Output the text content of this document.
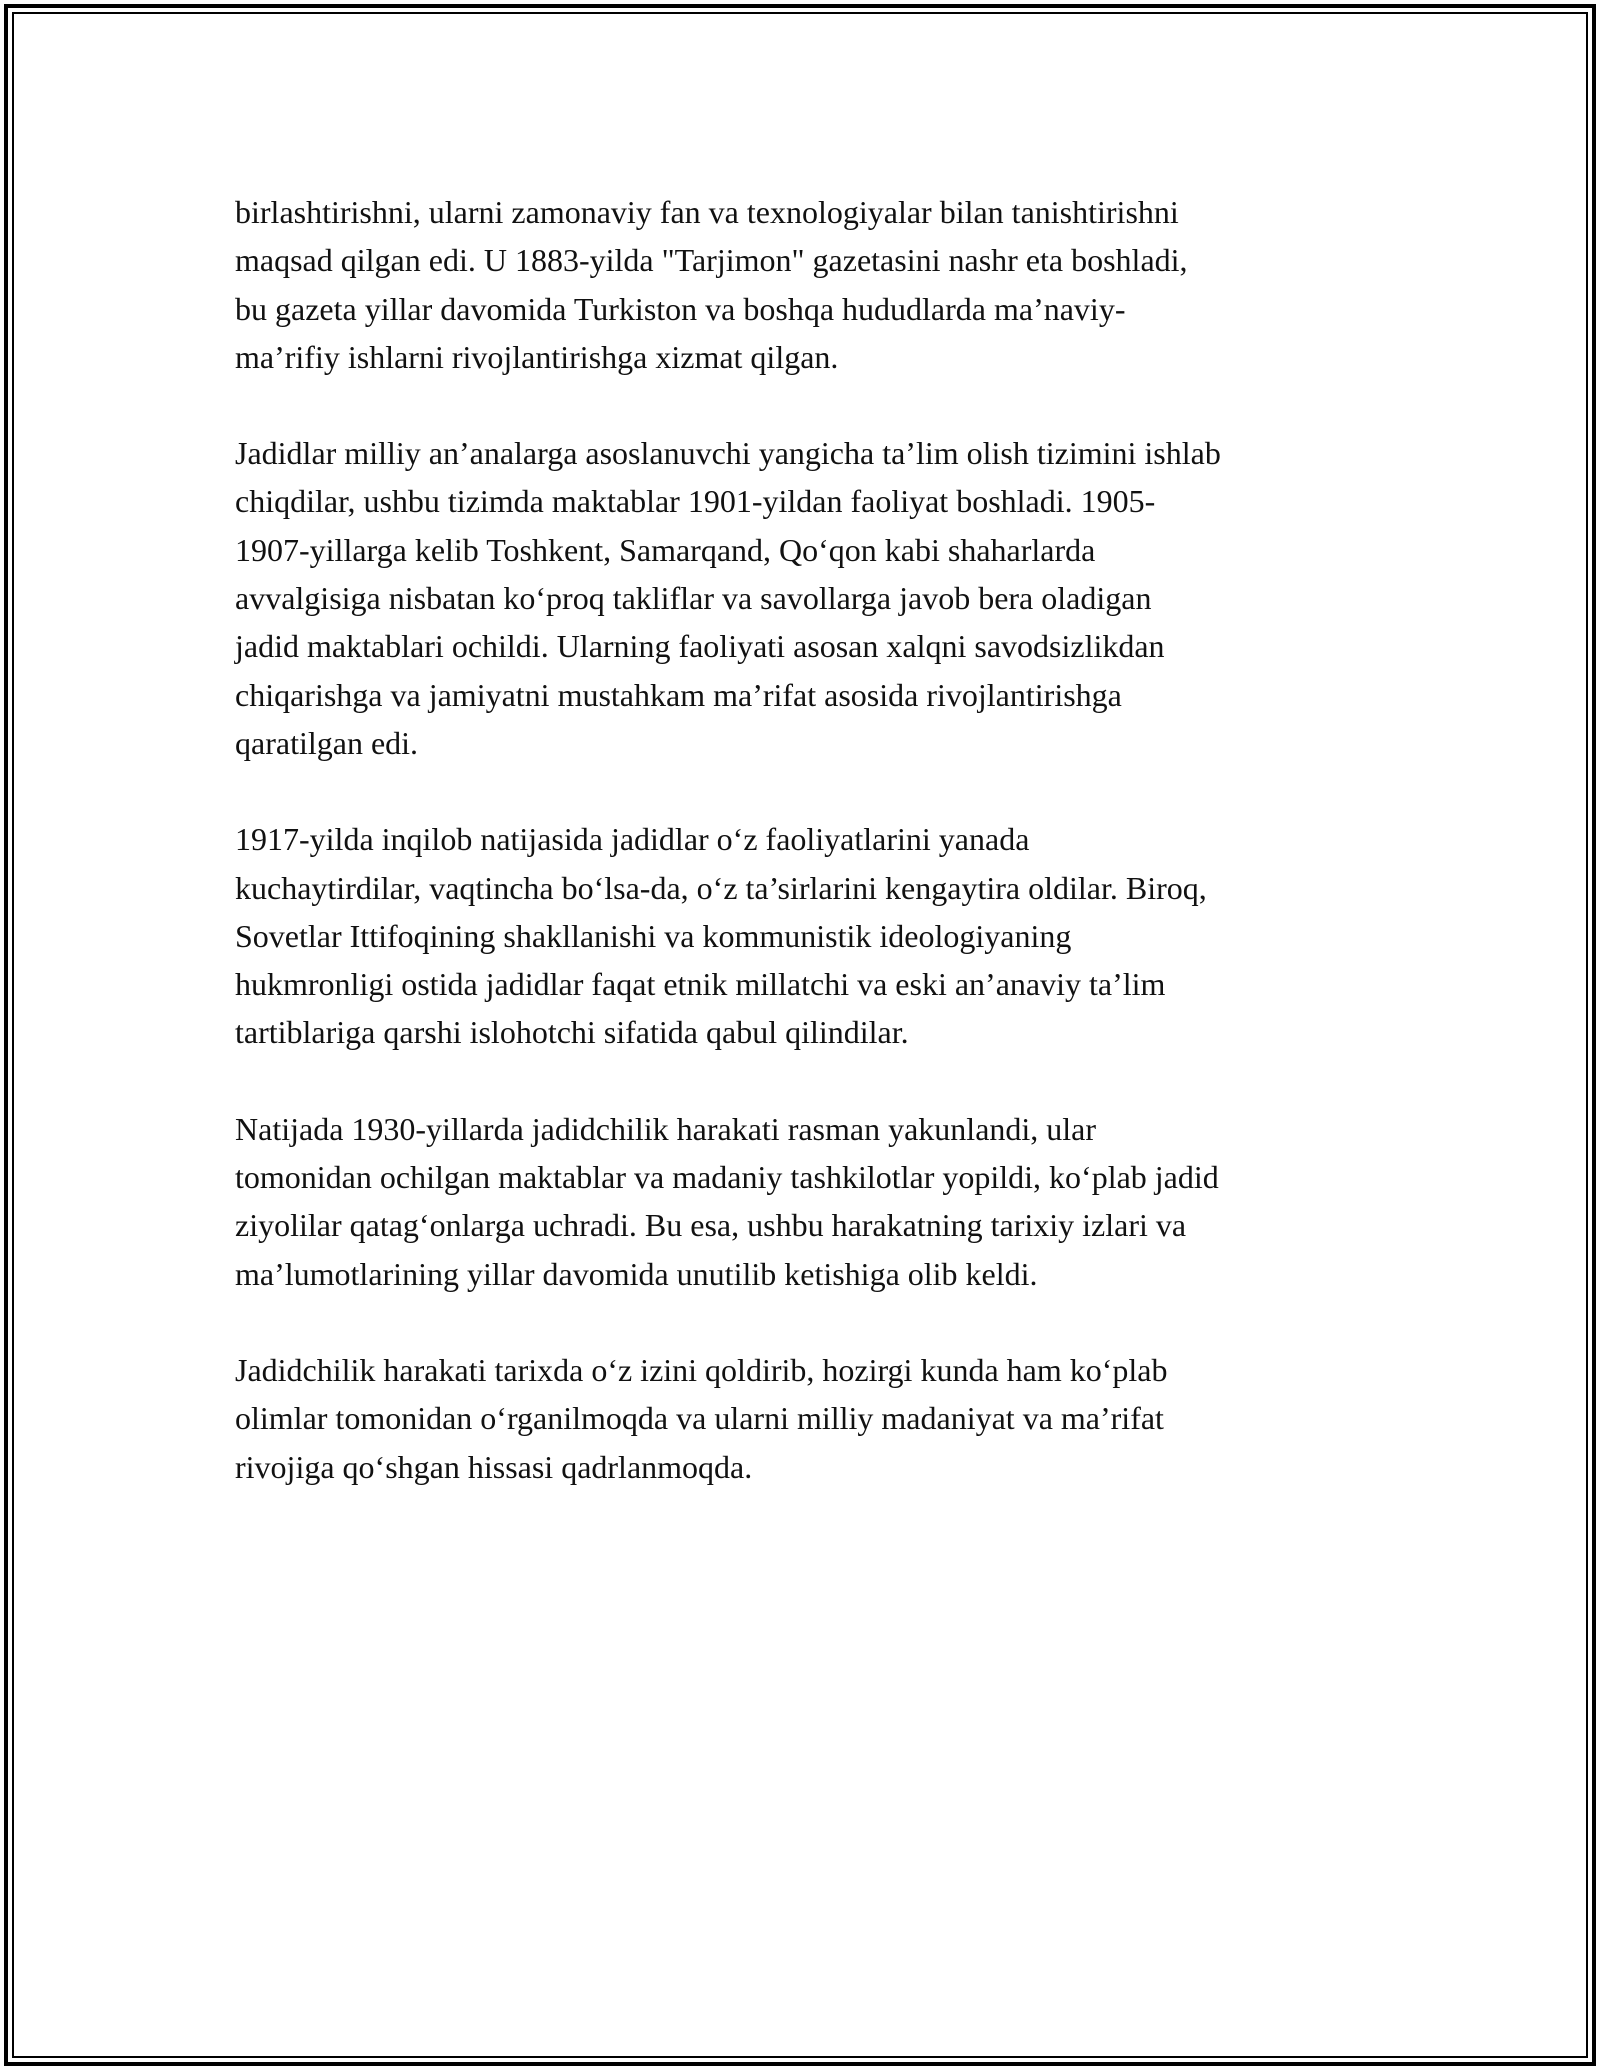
birlashtirishni, ularni zamonaviy fan va texnologiyalar bilan tanishtirishni
maqsad qilgan edi. U 1883-yilda "Tarjimon" gazetasini nashr eta boshladi,
bu gazeta yillar davomida Turkiston va boshqa hududlarda ma’naviy-
ma’rifiy ishlarni rivojlantirishga xizmat qilgan.

Jadidlar milliy an’analarga asoslanuvchi yangicha ta’lim olish tizimini ishlab
chiqdilar, ushbu tizimda maktablar 1901-yildan faoliyat boshladi. 1905-
1907-yillarga kelib Toshkent, Samarqand, Qo‘qon kabi shaharlarda
avvalgisiga nisbatan ko‘proq takliflar va savollarga javob bera oladigan
jadid maktablari ochildi. Ularning faoliyati asosan xalqni savodsizlikdan
chiqarishga va jamiyatni mustahkam ma’rifat asosida rivojlantirishga
qaratilgan edi.

1917-yilda inqilob natijasida jadidlar o‘z faoliyatlarini yanada
kuchaytirdilar, vaqtincha bo‘lsa-da, o‘z ta’sirlarini kengaytira oldilar. Biroq,
Sovetlar Ittifoqining shakllanishi va kommunistik ideologiyaning
hukmronligi ostida jadidlar faqat etnik millatchi va eski an’anaviy ta’lim
tartiblariga qarshi islohotchi sifatida qabul qilindilar.

Natijada 1930-yillarda jadidchilik harakati rasman yakunlandi, ular
tomonidan ochilgan maktablar va madaniy tashkilotlar yopildi, ko‘plab jadid
ziyolilar qatag‘onlarga uchradi. Bu esa, ushbu harakatning tarixiy izlari va
ma’lumotlarining yillar davomida unutilib ketishiga olib keldi.

Jadidchilik harakati tarixda o‘z izini qoldirib, hozirgi kunda ham ko‘plab
olimlar tomonidan o‘rganilmoqda va ularni milliy madaniyat va ma’rifat
rivojiga qo‘shgan hissasi qadrlanmoqda.
